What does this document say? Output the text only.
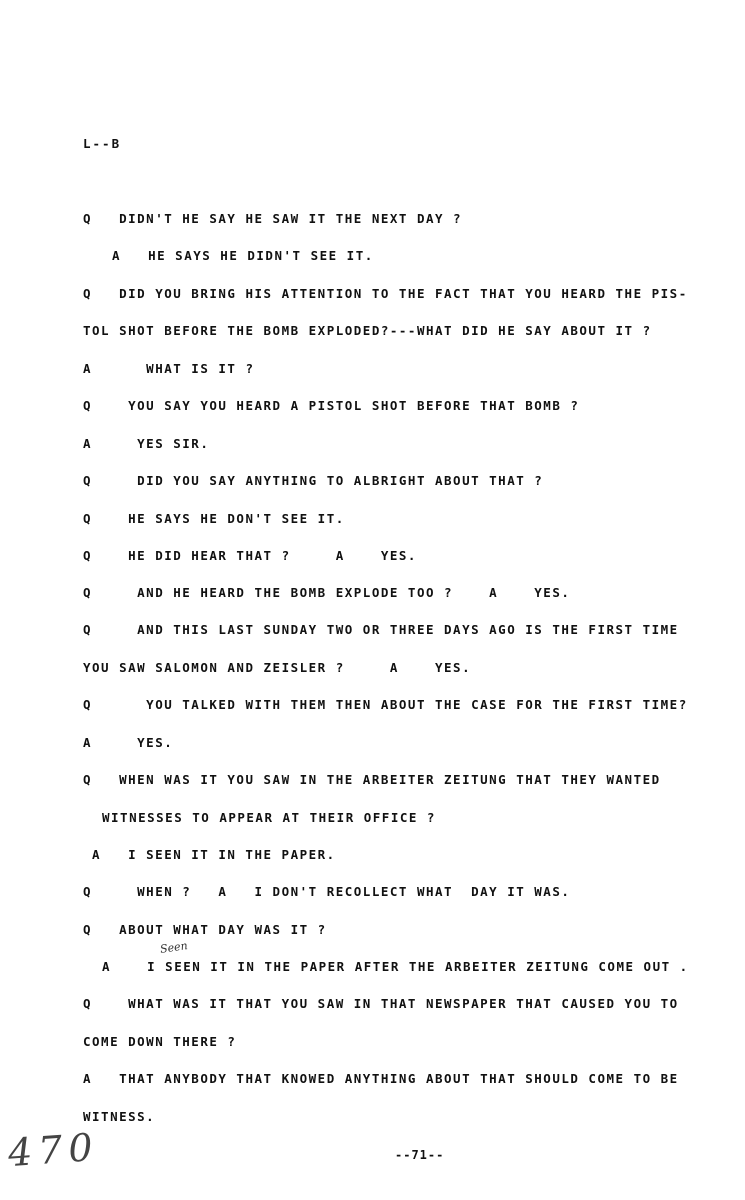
L--B
Q   DIDN'T HE SAY HE SAW IT THE NEXT DAY ?
A   HE SAYS HE DIDN'T SEE IT.
Q   DID YOU BRING HIS ATTENTION TO THE FACT THAT YOU HEARD THE PIS-
TOL SHOT BEFORE THE BOMB EXPLODED?---WHAT DID HE SAY ABOUT IT ?
A      WHAT IS IT ?
Q    YOU SAY YOU HEARD A PISTOL SHOT BEFORE THAT BOMB ?
A     YES SIR.
Q     DID YOU SAY ANYTHING TO ALBRIGHT ABOUT THAT ?
Q    HE SAYS HE DON'T SEE IT.
Q    HE DID HEAR THAT ?     A    YES.
Q     AND HE HEARD THE BOMB EXPLODE TOO ?    A    YES.
Q     AND THIS LAST SUNDAY TWO OR THREE DAYS AGO IS THE FIRST TIME
YOU SAW SALOMON AND ZEISLER ?     A    YES.
Q      YOU TALKED WITH THEM THEN ABOUT THE CASE FOR THE FIRST TIME?
A     YES.
Q   WHEN WAS IT YOU SAW IN THE ARBEITER ZEITUNG THAT THEY WANTED
WITNESSES TO APPEAR AT THEIR OFFICE ?
A   I SEEN IT IN THE PAPER.
Q     WHEN ?   A   I DON'T RECOLLECT WHAT  DAY IT WAS.
Q   ABOUT WHAT DAY WAS IT ?
Seen
A    I SEEN IT IN THE PAPER AFTER THE ARBEITER ZEITUNG COME OUT .
Q    WHAT WAS IT THAT YOU SAW IN THAT NEWSPAPER THAT CAUSED YOU TO
COME DOWN THERE ?
A   THAT ANYBODY THAT KNOWED ANYTHING ABOUT THAT SHOULD COME TO BE
WITNESS.
470	--71--
